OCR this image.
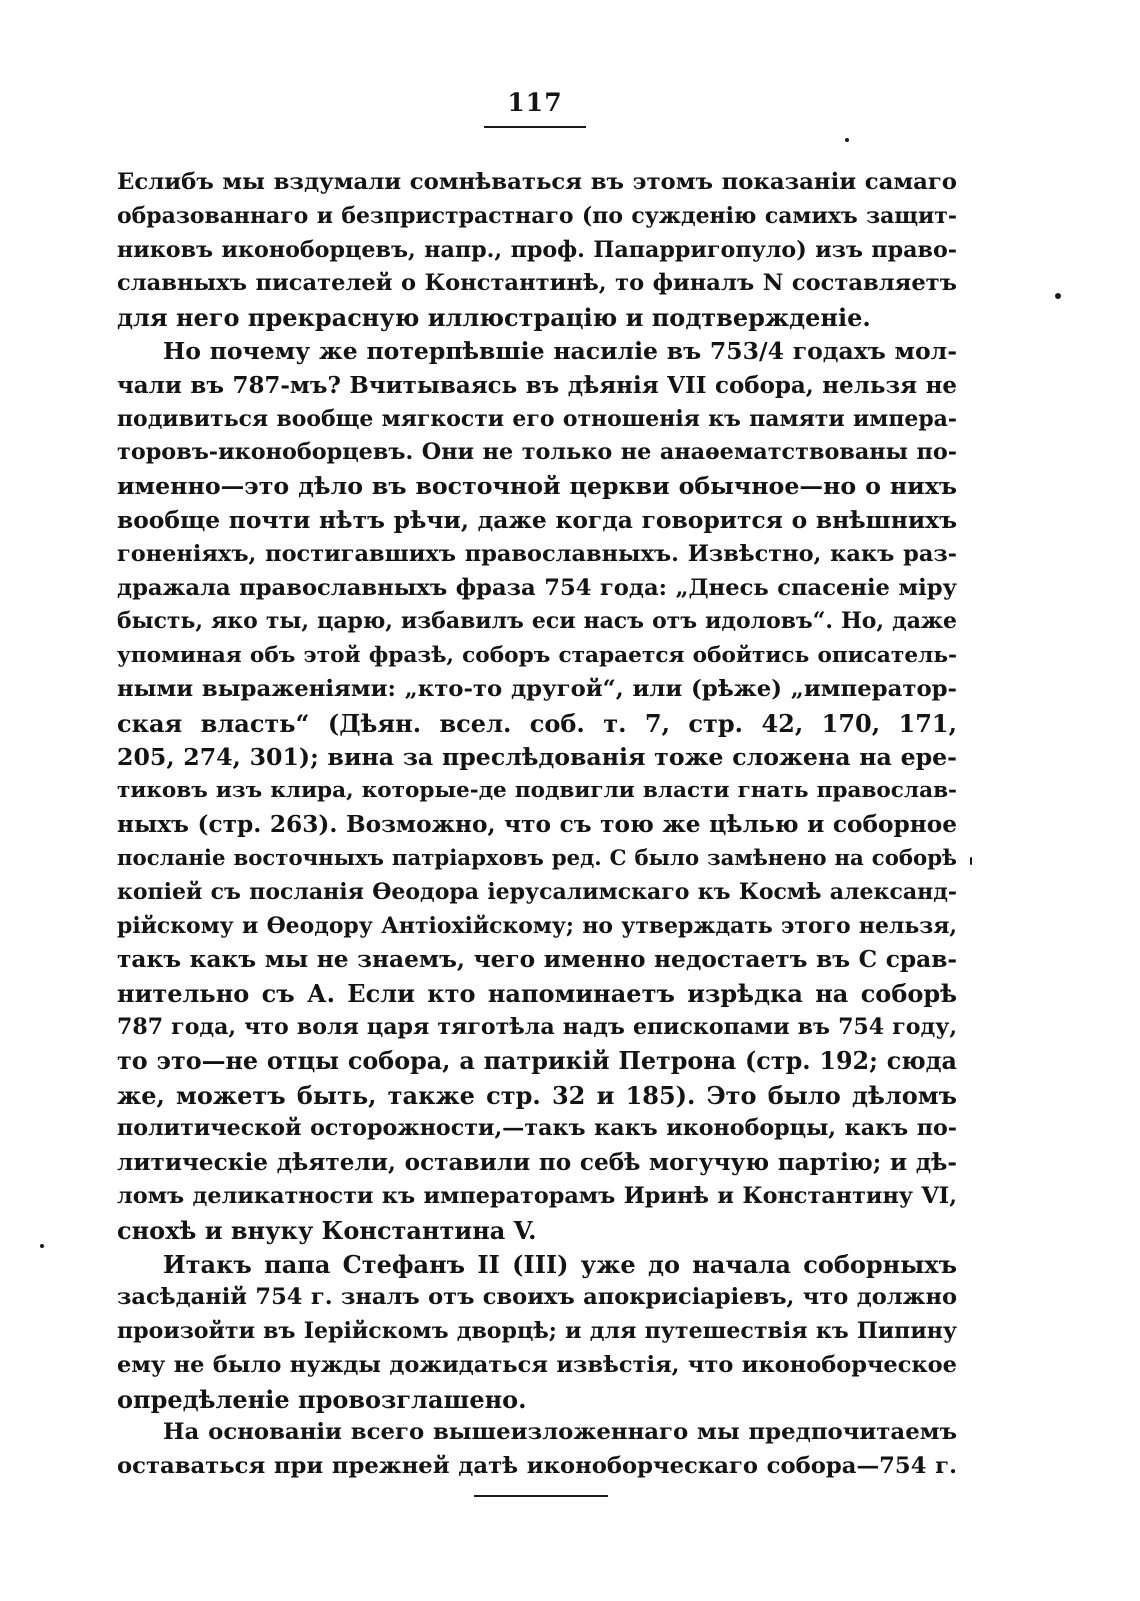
117
Еслибъ мы вздумали сомнѣваться въ этомъ показаніи самаго
образованнаго и безпристрастнаго (по сужденію самихъ защит-
никовъ иконоборцевъ, напр., проф. Папарригопуло) изъ право-
славныхъ писателей о Константинѣ, то финалъ N составляетъ
для него прекрасную иллюстрацію и подтвержденіе.
Но почему же потерпѣвшіе насиліе въ 753/4 годахъ мол-
чали въ 787-мъ? Вчитываясь въ дѣянія VII собора, нельзя не
подивиться вообще мягкости его отношенія къ памяти импера-
торовъ-иконоборцевъ. Они не только не анаѳематствованы по-
именно—это дѣло въ восточной церкви обычное—но о нихъ
вообще почти нѣтъ рѣчи, даже когда говорится о внѣшнихъ
гоненіяхъ, постигавшихъ православныхъ. Извѣстно, какъ раз-
дражала православныхъ фраза 754 года: „Днесь спасеніе міру
бысть, яко ты, царю, избавилъ еси насъ отъ идоловъ“. Но, даже
упоминая объ этой фразѣ, соборъ старается обойтись описатель-
ными выраженіями: „кто-то другой“, или (рѣже) „император-
ская власть“ (Дѣян. всел. соб. т. 7, стр. 42, 170, 171,
205, 274, 301); вина за преслѣдованія тоже сложена на ере-
тиковъ изъ клира, которые-де подвигли власти гнать православ-
ныхъ (стр. 263). Возможно, что съ тою же цѣлью и соборное
посланіе восточныхъ патріарховъ ред. С было замѣнено на соборѣ
копіей съ посланія Ѳеодора іерусалимскаго къ Космѣ александ-
рійскому и Ѳеодору Антіохійскому; но утверждать этого нельзя,
такъ какъ мы не знаемъ, чего именно недостаетъ въ С срав-
нительно съ А. Если кто напоминаетъ изрѣдка на соборѣ
787 года, что воля царя тяготѣла надъ епископами въ 754 году,
то это—не отцы собора, а патрикій Петрона (стр. 192; сюда
же, можетъ быть, также стр. 32 и 185). Это было дѣломъ
политической осторожности,—такъ какъ иконоборцы, какъ по-
литическіе дѣятели, оставили по себѣ могучую партію; и дѣ-
ломъ деликатности къ императорамъ Иринѣ и Константину VI,
снохѣ и внуку Константина V.
Итакъ папа Стефанъ II (III) уже до начала соборныхъ
засѣданій 754 г. зналъ отъ своихъ апокрисіаріевъ, что должно
произойти въ Іерійскомъ дворцѣ; и для путешествія къ Пипину
ему не было нужды дожидаться извѣстія, что иконоборческое
опредѣленіе провозглашено.
На основаніи всего вышеизложеннаго мы предпочитаемъ
оставаться при прежней датѣ иконоборческаго собора—754 г.
